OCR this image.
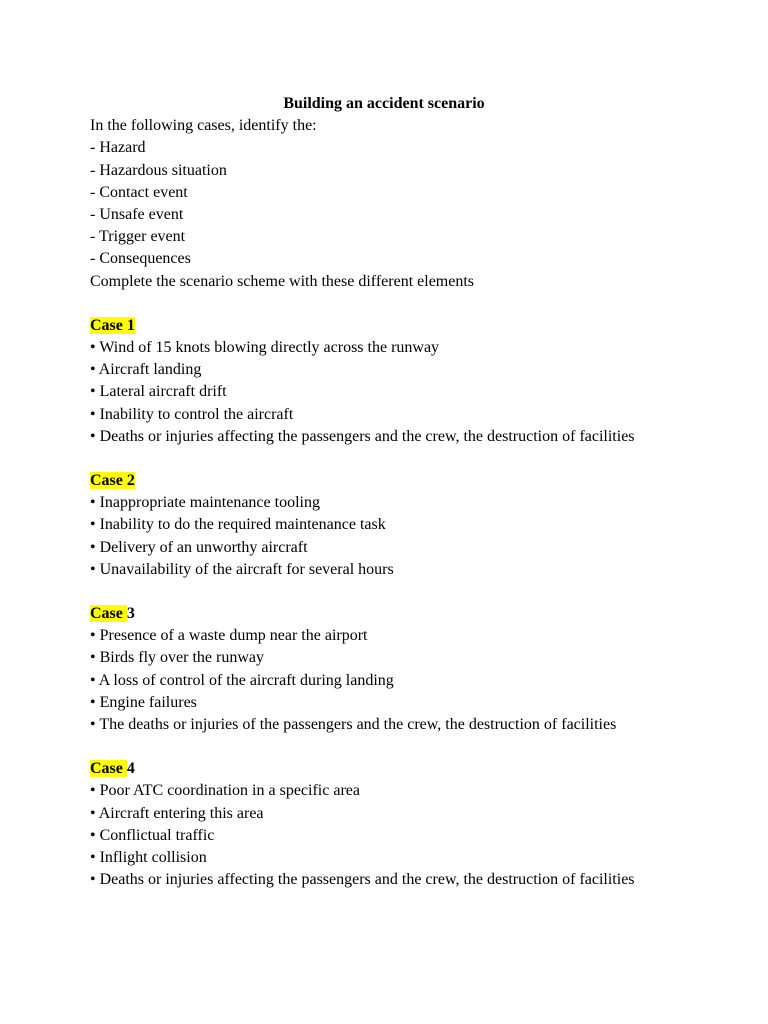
Building an accident scenario

In the following cases, identify the:

- Hazard
- Hazardous situation
- Contact event
- Unsafe event
- Trigger event
- Consequences

Complete the scenario scheme with these different elements

Case 1
• Wind of 15 knots blowing directly across the runway
• Aircraft landing
• Lateral aircraft drift
• Inability to control the aircraft
• Deaths or injuries affecting the passengers and the crew, the destruction of facilities
Case 2
• Inappropriate maintenance tooling
• Inability to do the required maintenance task
• Delivery of an unworthy aircraft
• Unavailability of the aircraft for several hours
Case 3
• Presence of a waste dump near the airport
• Birds fly over the runway
• A loss of control of the aircraft during landing
• Engine failures
• The deaths or injuries of the passengers and the crew, the destruction of facilities
Case 4
• Poor ATC coordination in a specific area
• Aircraft entering this area
• Conflictual traffic
• Inflight collision
• Deaths or injuries affecting the passengers and the crew, the destruction of facilities
